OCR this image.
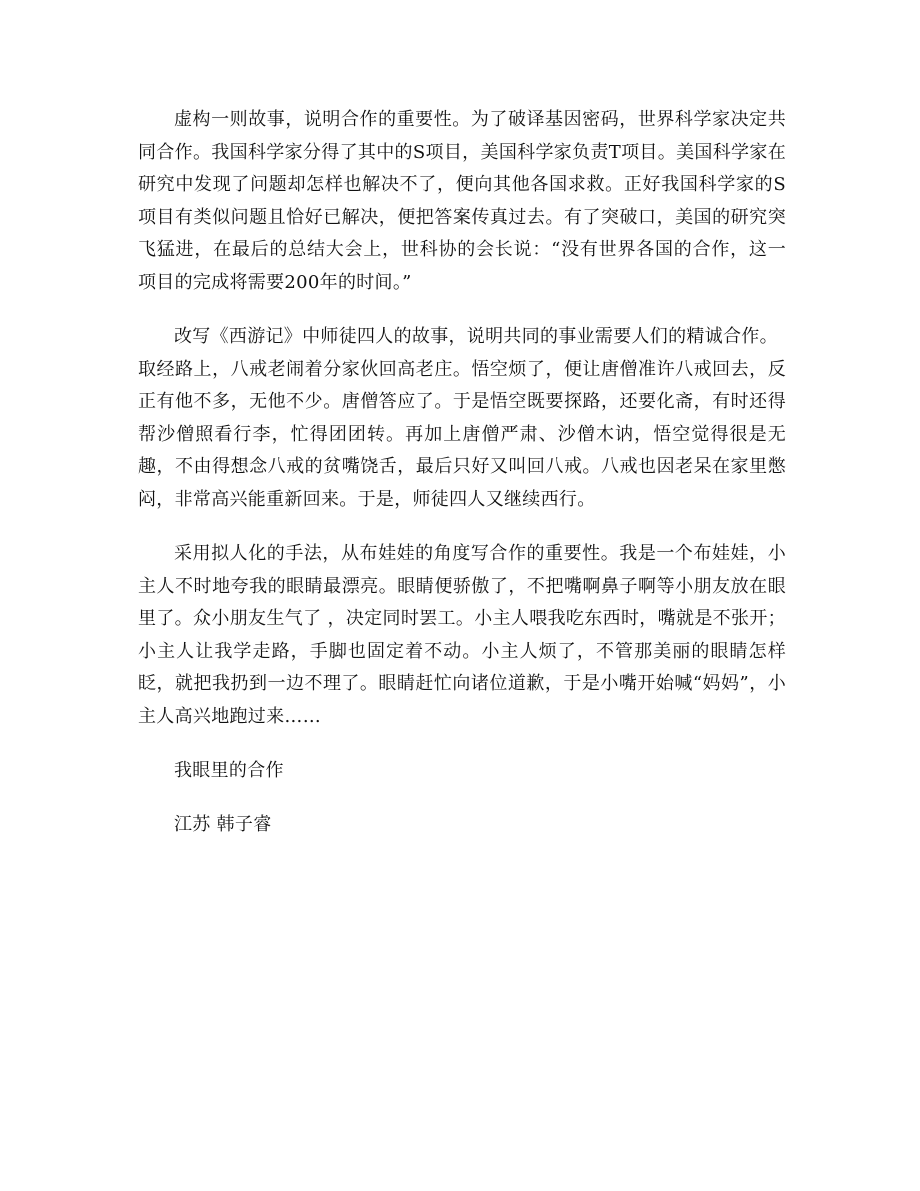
虚构一则故事，说明合作的重要性。为了破译基因密码，世界科学家决定共同合作。我国科学家分得了其中的S项目，美国科学家负责T项目。美国科学家在研究中发现了问题却怎样也解决不了，便向其他各国求救。正好我国科学家的S项目有类似问题且恰好已解决，便把答案传真过去。有了突破口，美国的研究突飞猛进，在最后的总结大会上，世科协的会长说：“没有世界各国的合作，这一项目的完成将需要200年的时间。”

改写《西游记》中师徒四人的故事，说明共同的事业需要人们的精诚合作。

取经路上，八戒老闹着分家伙回高老庄。悟空烦了，便让唐僧准许八戒回去，反正有他不多，无他不少。唐僧答应了。于是悟空既要探路，还要化斋，有时还得帮沙僧照看行李，忙得团团转。再加上唐僧严肃、沙僧木讷，悟空觉得很是无趣，不由得想念八戒的贫嘴饶舌，最后只好又叫回八戒。八戒也因老呆在家里憋闷，非常高兴能重新回来。于是，师徒四人又继续西行。

采用拟人化的手法，从布娃娃的角度写合作的重要性。我是一个布娃娃，小主人不时地夸我的眼睛最漂亮。眼睛便骄傲了，不把嘴啊鼻子啊等小朋友放在眼里了。众小朋友生气了 ，决定同时罢工。小主人喂我吃东西时，嘴就是不张开；小主人让我学走路，手脚也固定着不动。小主人烦了，不管那美丽的眼睛怎样眨，就把我扔到一边不理了。眼睛赶忙向诸位道歉，于是小嘴开始喊“妈妈”，小主人高兴地跑过来……

我眼里的合作

江苏 韩子睿
